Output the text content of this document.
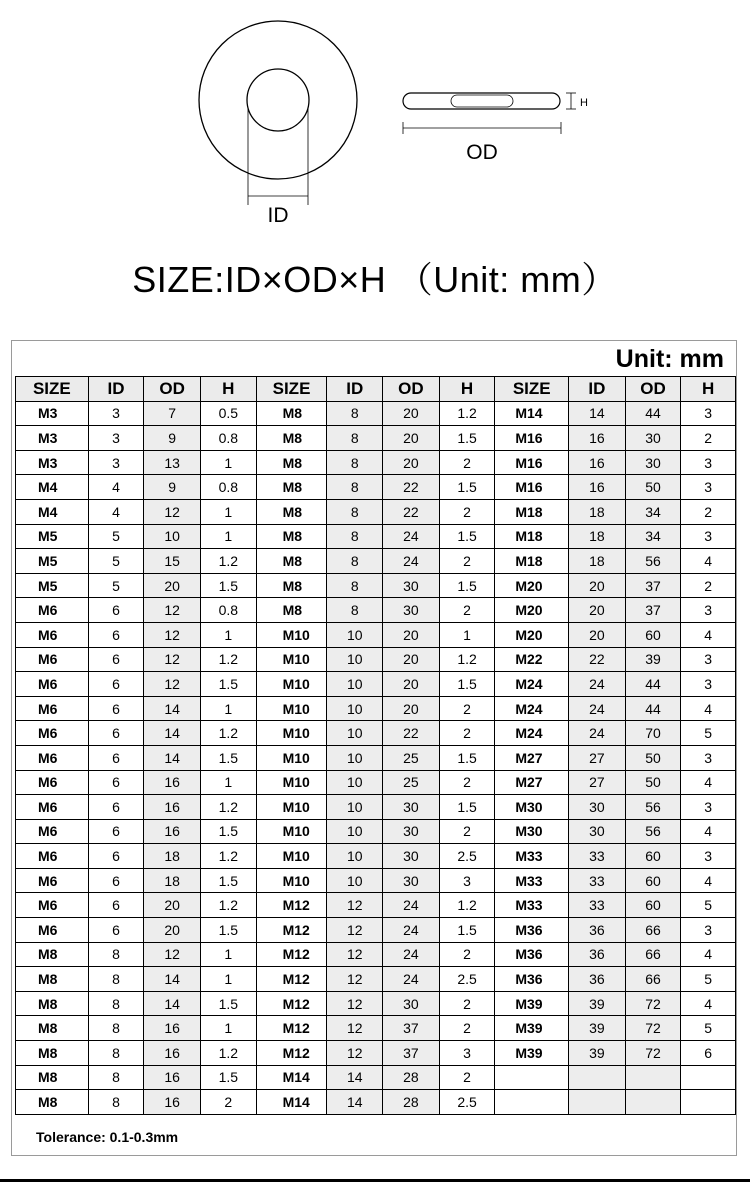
ID
H
OD
SIZE:ID×OD×H （Unit: mm）
Unit: mm
SIZE	ID	OD	H	SIZE	ID	OD	H	SIZE	ID	OD	H
M3	3	7	0.5	M8	8	20	1.2	M14	14	44	3
M3	3	9	0.8	M8	8	20	1.5	M16	16	30	2
M3	3	13	1	M8	8	20	2	M16	16	30	3
M4	4	9	0.8	M8	8	22	1.5	M16	16	50	3
M4	4	12	1	M8	8	22	2	M18	18	34	2
M5	5	10	1	M8	8	24	1.5	M18	18	34	3
M5	5	15	1.2	M8	8	24	2	M18	18	56	4
M5	5	20	1.5	M8	8	30	1.5	M20	20	37	2
M6	6	12	0.8	M8	8	30	2	M20	20	37	3
M6	6	12	1	M10	10	20	1	M20	20	60	4
M6	6	12	1.2	M10	10	20	1.2	M22	22	39	3
M6	6	12	1.5	M10	10	20	1.5	M24	24	44	3
M6	6	14	1	M10	10	20	2	M24	24	44	4
M6	6	14	1.2	M10	10	22	2	M24	24	70	5
M6	6	14	1.5	M10	10	25	1.5	M27	27	50	3
M6	6	16	1	M10	10	25	2	M27	27	50	4
M6	6	16	1.2	M10	10	30	1.5	M30	30	56	3
M6	6	16	1.5	M10	10	30	2	M30	30	56	4
M6	6	18	1.2	M10	10	30	2.5	M33	33	60	3
M6	6	18	1.5	M10	10	30	3	M33	33	60	4
M6	6	20	1.2	M12	12	24	1.2	M33	33	60	5
M6	6	20	1.5	M12	12	24	1.5	M36	36	66	3
M8	8	12	1	M12	12	24	2	M36	36	66	4
M8	8	14	1	M12	12	24	2.5	M36	36	66	5
M8	8	14	1.5	M12	12	30	2	M39	39	72	4
M8	8	16	1	M12	12	37	2	M39	39	72	5
M8	8	16	1.2	M12	12	37	3	M39	39	72	6
M8	8	16	1.5	M14	14	28	2				
M8	8	16	2	M14	14	28	2.5				
Tolerance: 0.1-0.3mm
